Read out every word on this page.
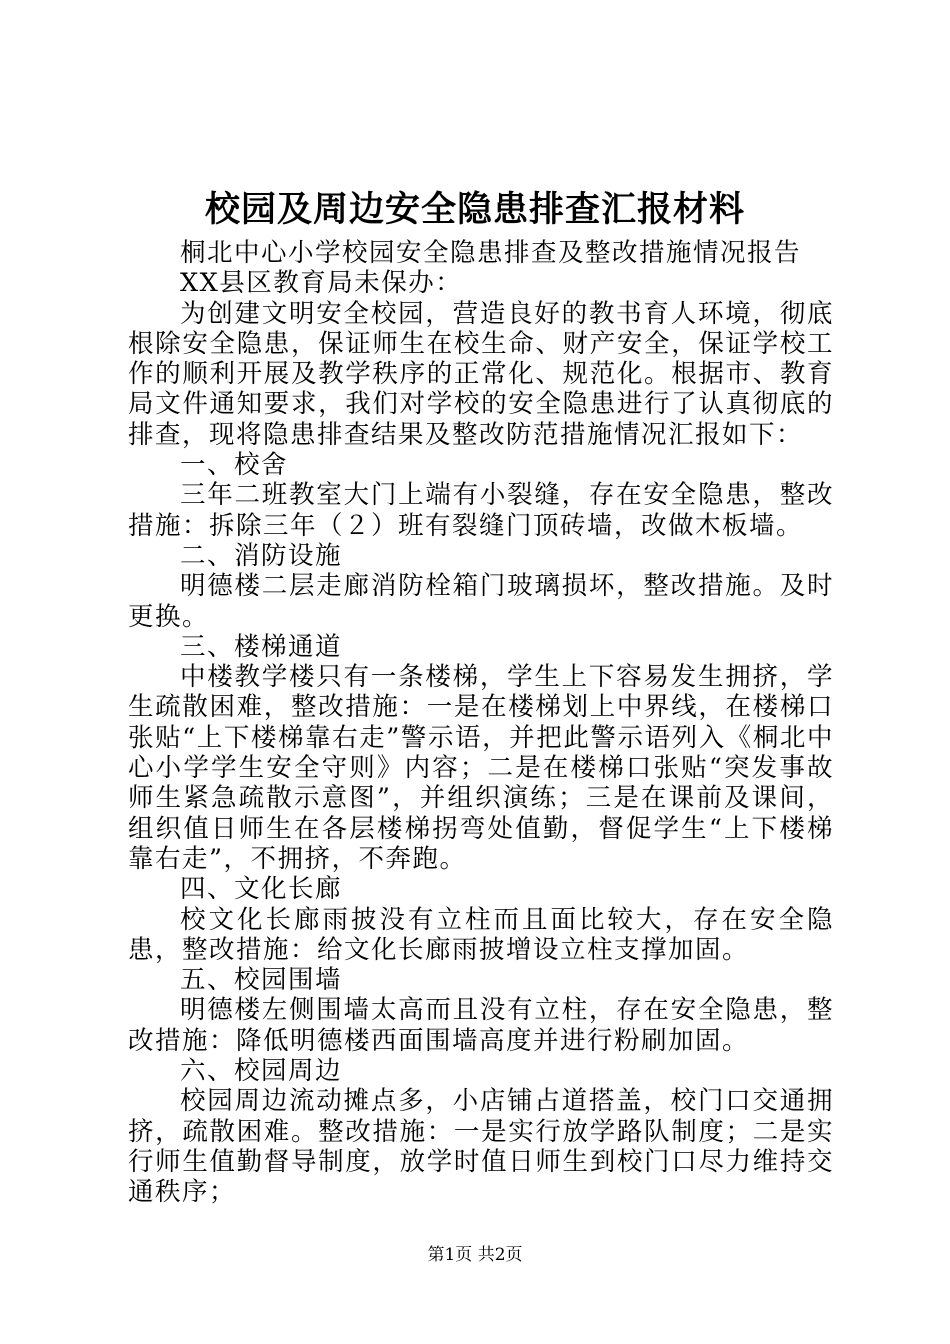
校园及周边安全隐患排查汇报材料

桐北中心小学校园安全隐患排查及整改措施情况报告

XX县区教育局未保办：

为创建文明安全校园，营造良好的教书育人环境，彻底根除安全隐患，保证师生在校生命、财产安全，保证学校工作的顺利开展及教学秩序的正常化、规范化。根据市、教育局文件通知要求，我们对学校的安全隐患进行了认真彻底的排查，现将隐患排查结果及整改防范措施情况汇报如下：

一、校舍

三年二班教室大门上端有小裂缝，存在安全隐患，整改措施：拆除三年（２）班有裂缝门顶砖墙，改做木板墙。

二、消防设施

明德楼二层走廊消防栓箱门玻璃损坏，整改措施。及时更换。

三、楼梯通道

中楼教学楼只有一条楼梯，学生上下容易发生拥挤，学生疏散困难，整改措施：一是在楼梯划上中界线，在楼梯口张贴“上下楼梯靠右走”警示语，并把此警示语列入《桐北中心小学学生安全守则》内容；二是在楼梯口张贴“突发事故师生紧急疏散示意图”，并组织演练；三是在课前及课间，组织值日师生在各层楼梯拐弯处值勤，督促学生“上下楼梯靠右走”，不拥挤，不奔跑。

四、文化长廊

校文化长廊雨披没有立柱而且面比较大，存在安全隐患，整改措施：给文化长廊雨披增设立柱支撑加固。

五、校园围墙

明德楼左侧围墙太高而且没有立柱，存在安全隐患，整改措施：降低明德楼西面围墙高度并进行粉刷加固。

六、校园周边

校园周边流动摊点多，小店铺占道搭盖，校门口交通拥挤，疏散困难。整改措施：一是实行放学路队制度；二是实行师生值勤督导制度，放学时值日师生到校门口尽力维持交通秩序；

第1页 共2页
